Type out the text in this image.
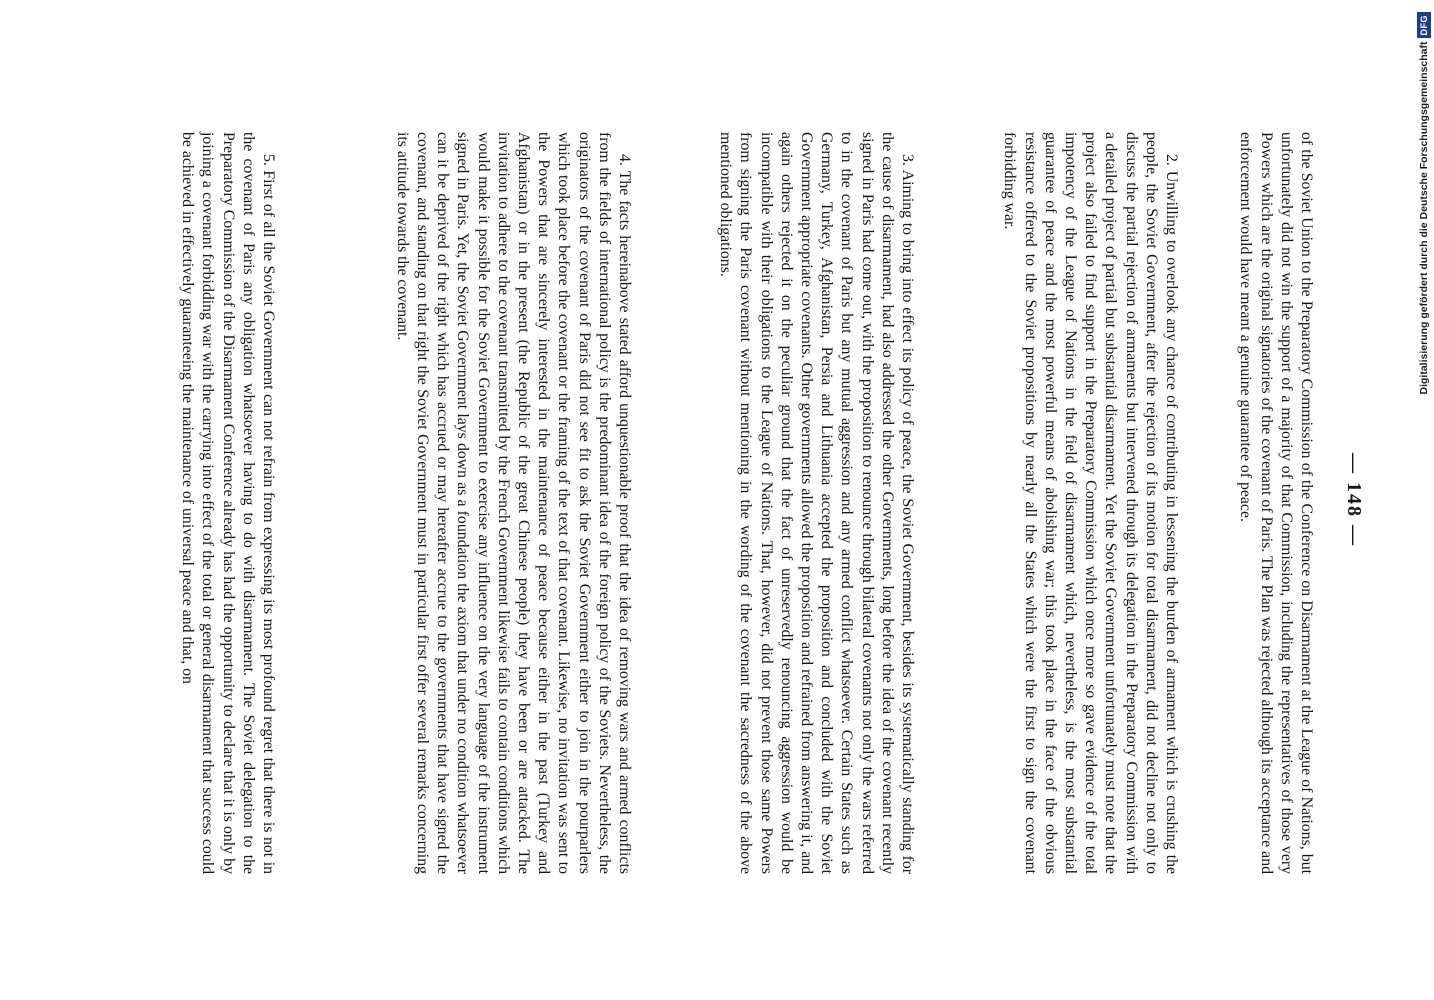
— 148 —

of the Soviet Union to the Preparatory Commission of the Conference on Disarmament at the League of Nations, but unfortunately did not win the support of a majority of that Commission, including the representatives of those very Powers which are the original signatories of the covenant of Paris. The Plan was rejected although its acceptance and enforcement would have meant a genuine guarantee of peace.

2. Unwilling to overlook any chance of contributing in lessening the burden of armament which is crushing the people, the Soviet Government, after the rejection of its motion for total disarmament, did not decline not only to discuss the partial rejection of armaments but intervened through its delegation in the Preparatory Commission with a detailed project of partial but substantial disarmament. Yet the Soviet Government unfortunately must note that the project also failed to find support in the Preparatory Commission which once more so gave evidence of the total impotency of the League of Nations in the field of disarmament which, nevertheless, is the most substantial guarantee of peace and the most powerful means of abolishing war; this took place in the face of the obvious resistance offered to the Soviet propositions by nearly all the States which were the first to sign the covenant forbidding war.

3. Aiming to bring into effect its policy of peace, the Soviet Government, besides its systematically standing for the cause of disarmament, had also addressed the other Governments, long before the idea of the covenant recently signed in Paris had come out, with the proposition to renounce through bilateral covenants not only the wars referred to in the covenant of Paris but any mutual aggression and any armed conflict whatsoever. Certain States such as Germany, Turkey, Afghanistan, Persia and Lithuania accepted the proposition and concluded with the Soviet Government appropriate covenants. Other governments allowed the proposition and refrained from answering it, and again others rejected it on the peculiar ground that the fact of unreservedly renouncing aggression would be incompatible with their obligations to the League of Nations. That, however, did not prevent those same Powers from signing the Paris covenant without mentioning in the wording of the covenant the sacredness of the above mentioned obligations.

4. The facts hereinabove stated afford unquestionable proof that the idea of removing wars and armed conflicts from the fields of international policy is the predominant idea of the foreign policy of the Soviets. Nevertheless, the originators of the covenant of Paris did not see fit to ask the Soviet Government either to join in the pourparlers which took place before the covenant or the framing of the text of that covenant. Likewise, no invitation was sent to the Powers that are sincerely interested in the maintenance of peace because either in the past (Turkey and Afghanistan) or in the present (the Republic of the great Chinese people) they have been or are attacked. The invitation to adhere to the covenant transmitted by the French Government likewise fails to contain conditions which would make it possible for the Soviet Government to exercise any influence on the very language of the instrument signed in Paris. Yet, the Soviet Government lays down as a foundation the axiom that under no condition whatsoever can it be deprived of the right which has accrued or may hereafter accrue to the governments that have signed the covenant, and standing on that right the Soviet Government must in particular first offer several remarks concerning its attitude towards the covenant.

5. First of all the Soviet Government can not refrain from expressing its most profound regret that there is not in the covenant of Paris any obligation whatsoever having to do with disarmament. The Soviet delegation to the Preparatory Commission of the Disarmament Conference already has had the opportunity to declare that it is only by joining a covenant forbidding war with the carrying into effect of the total or general disarmament that success could be achieved in effectively guaranteeing the maintenance of universal peace and that, on	Digitalisierung gefördert durch die Deutsche Forschungsgemeinschaft
DFG
